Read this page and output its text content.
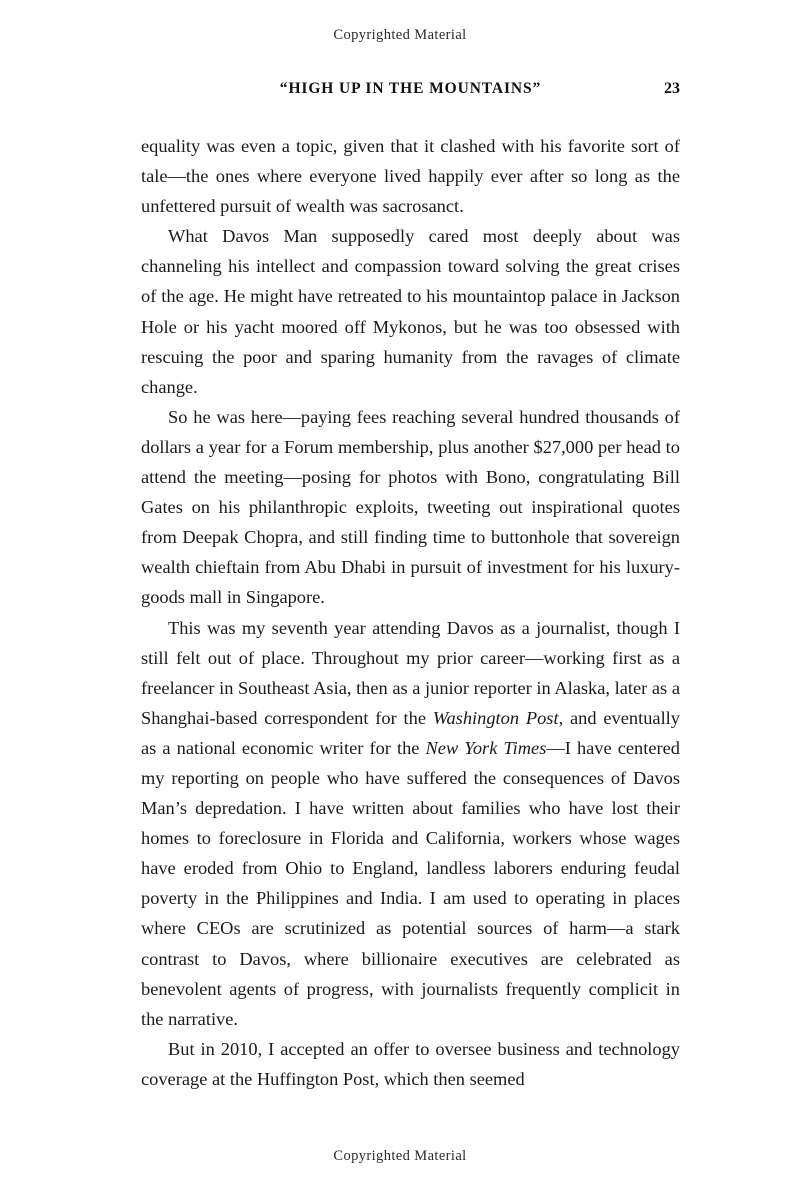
Copyrighted Material
“HIGH UP IN THE MOUNTAINS”	23

equality was even a topic, given that it clashed with his favorite sort of tale—the ones where everyone lived happily ever after so long as the unfettered pursuit of wealth was sacrosanct.

What Davos Man supposedly cared most deeply about was channeling his intellect and compassion toward solving the great crises of the age. He might have retreated to his mountaintop palace in Jackson Hole or his yacht moored off Mykonos, but he was too obsessed with rescuing the poor and sparing humanity from the ravages of climate change.

So he was here—paying fees reaching several hundred thousands of dollars a year for a Forum membership, plus another $27,000 per head to attend the meeting—posing for photos with Bono, congratulating Bill Gates on his philanthropic exploits, tweeting out inspirational quotes from Deepak Chopra, and still finding time to buttonhole that sovereign wealth chieftain from Abu Dhabi in pursuit of investment for his luxury-goods mall in Singapore.

This was my seventh year attending Davos as a journalist, though I still felt out of place. Throughout my prior career—working first as a freelancer in Southeast Asia, then as a junior reporter in Alaska, later as a Shanghai-based correspondent for the Washington Post, and eventually as a national economic writer for the New York Times—I have centered my reporting on people who have suffered the consequences of Davos Man’s depredation. I have written about families who have lost their homes to foreclosure in Florida and California, workers whose wages have eroded from Ohio to England, landless laborers enduring feudal poverty in the Philippines and India. I am used to operating in places where CEOs are scrutinized as potential sources of harm—a stark contrast to Davos, where billionaire executives are celebrated as benevolent agents of progress, with journalists frequently complicit in the narrative.

But in 2010, I accepted an offer to oversee business and technology coverage at the Huffington Post, which then seemed

Copyrighted Material
